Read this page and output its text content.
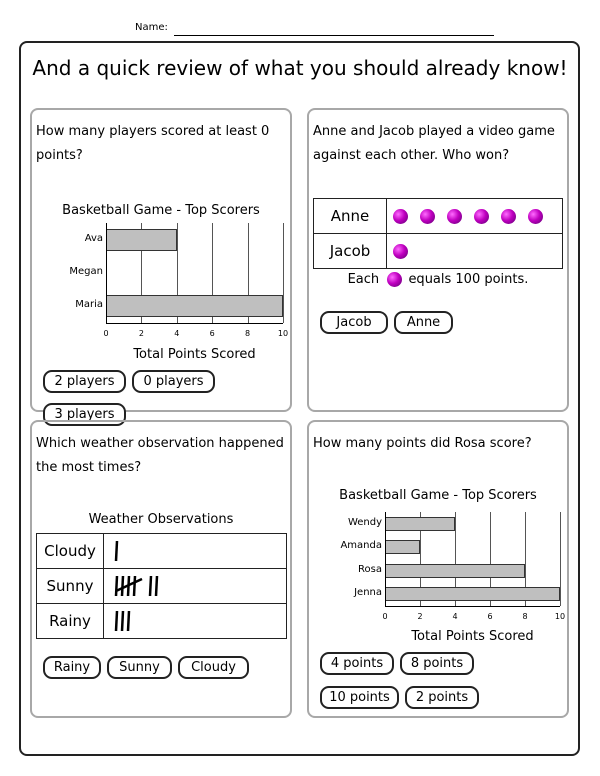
Name:
And a quick review of what you should already know!
How many players scored at least 0 points?
Basketball Game - Top Scorers
0	2	4	6	8	10
Ava
Megan
Maria
Total Points Scored
2 players	0 players
3 players
Anne and Jacob played a video game against each other. Who won?
Anne	
Jacob	
Each equals 100 points.
Jacob	Anne
Which weather observation happened the most times?
Weather Observations
Cloudy	
Sunny	
Rainy	
Rainy	Sunny	Cloudy
How many points did Rosa score?
Basketball Game - Top Scorers
0	2	4	6	8	10
Wendy
Amanda
Rosa
Jenna
Total Points Scored
4 points	8 points
10 points	2 points
